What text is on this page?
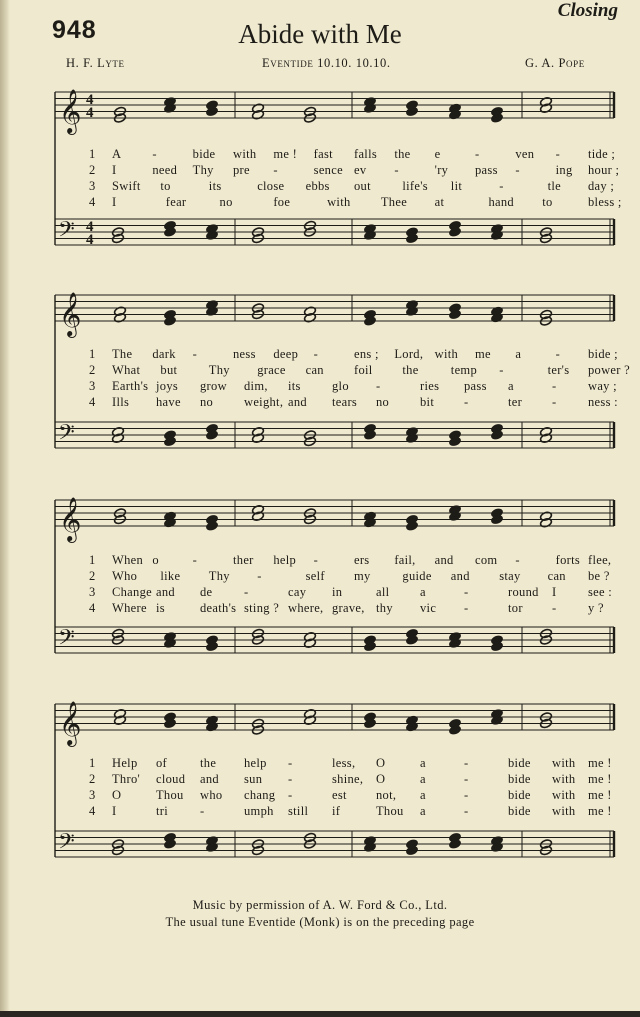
948
Closing
Abide with Me
H. F. Lyte	Eventide 10.10. 10.10.	G. A. Pope
𝄞
𝄢
4
4
4
4
1 A -	bide with me ! fast falls the e	-	ven - tide ;
2 I	need Thy pre -	sence ev -	'ry pass -	ing hour ;
3 Swift to	its	close ebbs out	life's lit	-	tle day ;
4 I	fear	no	foe	with Thee at	hand to	bless ;
𝄞
𝄢
1 The dark -	ness deep -	ens ; Lord, with me a	- bide ;
2 What but	Thy grace can foil the	temp -	ter's power ?
3 Earth's joys grow dim, its	glo -	ries pass a	-	way ;
4 Ills have no weight, and tears no bit -	ter -	ness :
𝄞
𝄢
1 When o	-	ther help -	ers fail, and com -	forts flee,
2 Who like Thy -	self my	guide and stay can be ?
3 Change and de	-	cay in	all a	-	round I	see :
4 Where is	death's sting ? where, grave, thy vic -	tor -	y ?
𝄞
𝄢
1 Help of	the help -	less, O	a	-	bide with me !
2 Thro' cloud and sun -	shine, O	a	-	bide with me !
3 O	Thou who chang -	est not, a	-	bide with me !
4 I	tri	-	umph still if	Thou a	-	bide with me !
Music by permission of A. W. Ford & Co., Ltd.
The usual tune Eventide (Monk) is on the preceding page
